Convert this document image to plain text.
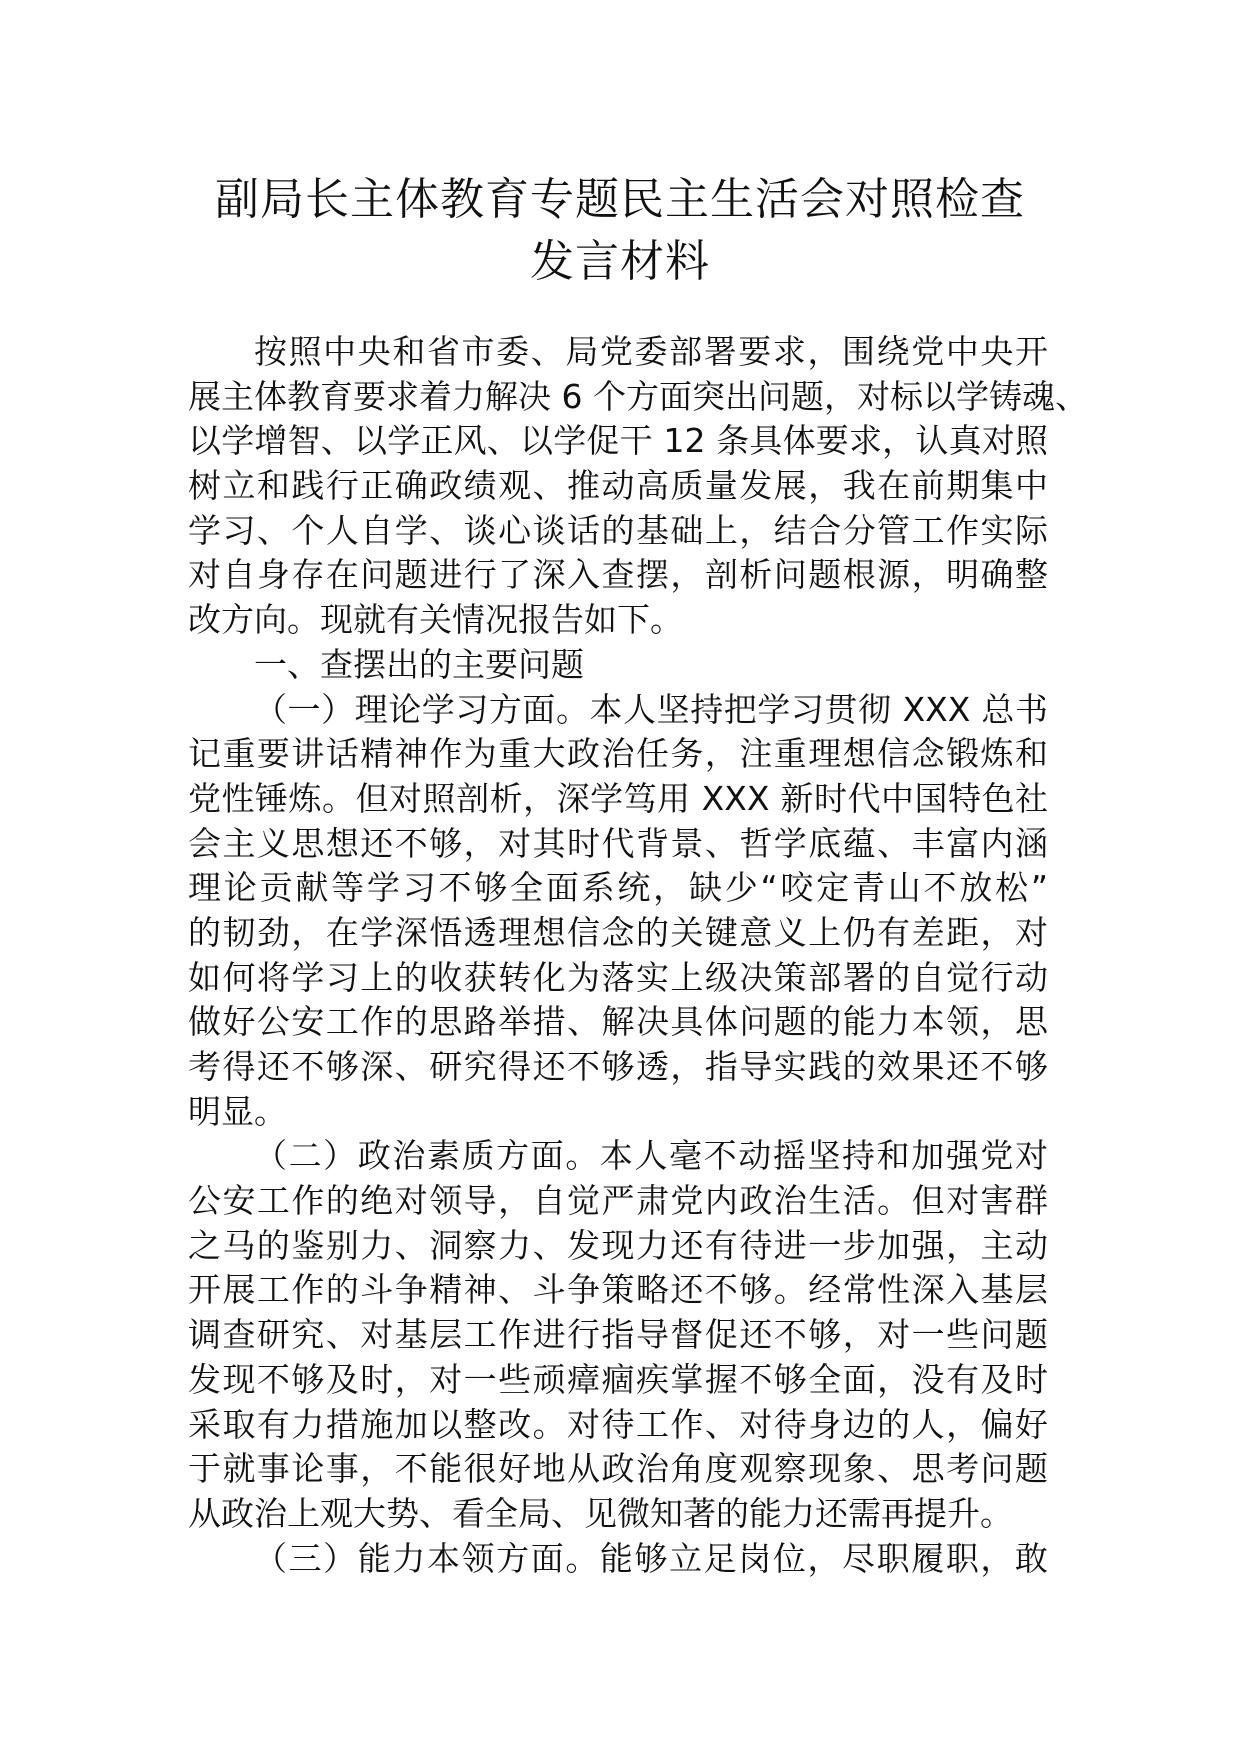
副局长主体教育专题民主生活会对照检查
发言材料
按照中央和省市委、局党委部署要求，围绕党中央开
展主体教育要求着力解决 6 个方面突出问题，对标以学铸魂、
以学增智、以学正风、以学促干 12 条具体要求，认真对照
树立和践行正确政绩观、推动高质量发展，我在前期集中
学习、个人自学、谈心谈话的基础上，结合分管工作实际
对自身存在问题进行了深入查摆，剖析问题根源，明确整
改方向。现就有关情况报告如下。
一、查摆出的主要问题
（一）理论学习方面。本人坚持把学习贯彻 XXX 总书
记重要讲话精神作为重大政治任务，注重理想信念锻炼和
党性锤炼。但对照剖析，深学笃用 XXX 新时代中国特色社
会主义思想还不够，对其时代背景、哲学底蕴、丰富内涵
理论贡献等学习不够全面系统，缺少“咬定青山不放松”
的韧劲，在学深悟透理想信念的关键意义上仍有差距，对
如何将学习上的收获转化为落实上级决策部署的自觉行动
做好公安工作的思路举措、解决具体问题的能力本领，思
考得还不够深、研究得还不够透，指导实践的效果还不够
明显。
（二）政治素质方面。本人毫不动摇坚持和加强党对
公安工作的绝对领导，自觉严肃党内政治生活。但对害群
之马的鉴别力、洞察力、发现力还有待进一步加强，主动
开展工作的斗争精神、斗争策略还不够。经常性深入基层
调查研究、对基层工作进行指导督促还不够，对一些问题
发现不够及时，对一些顽瘴痼疾掌握不够全面，没有及时
采取有力措施加以整改。对待工作、对待身边的人，偏好
于就事论事，不能很好地从政治角度观察现象、思考问题
从政治上观大势、看全局、见微知著的能力还需再提升。
（三）能力本领方面。能够立足岗位，尽职履职，敢
